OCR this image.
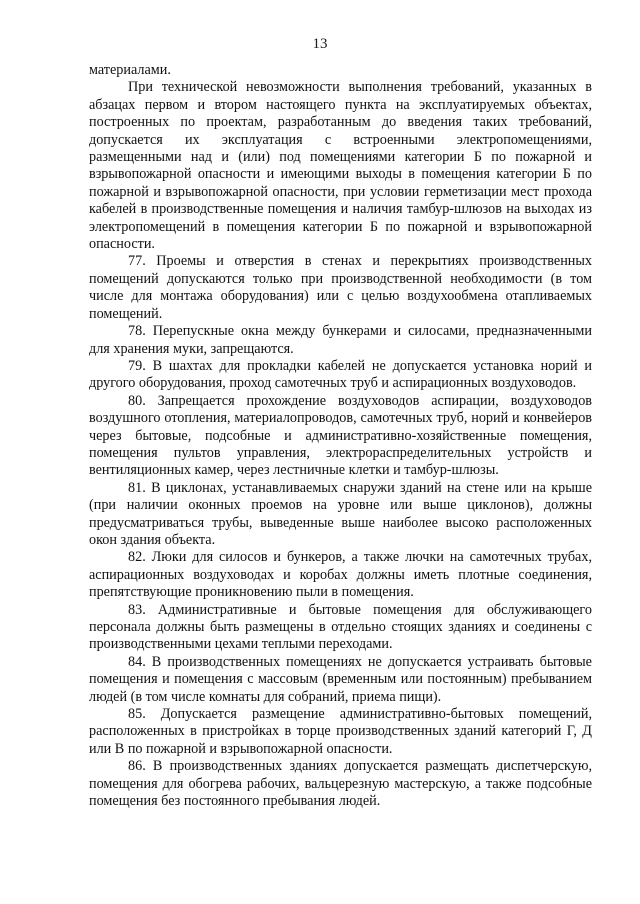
13

материалами.

При технической невозможности выполнения требований, указанных в абзацах первом и втором настоящего пункта на эксплуатируемых объектах, построенных по проектам, разработанным до введения таких требований, допускается их эксплуатация с встроенными электропомещениями, размещенными над и (или) под помещениями категории Б по пожарной и взрывопожарной опасности и имеющими выходы в помещения категории Б по пожарной и взрывопожарной опасности, при условии герметизации мест прохода кабелей в производственные помещения и наличия тамбур-шлюзов на выходах из электропомещений в помещения категории Б по пожарной и взрывопожарной опасности.

77. Проемы и отверстия в стенах и перекрытиях производственных помещений допускаются только при производственной необходимости (в том числе для монтажа оборудования) или с целью воздухообмена отапливаемых помещений.

78. Перепускные окна между бункерами и силосами, предназначенными для хранения муки, запрещаются.

79. В шахтах для прокладки кабелей не допускается установка норий и другого оборудования, проход самотечных труб и аспирационных воздуховодов.

80. Запрещается прохождение воздуховодов аспирации, воздуховодов воздушного отопления, материалопроводов, самотечных труб, норий и конвейеров через бытовые, подсобные и административно-хозяйственные помещения, помещения пультов управления, электрораспределительных устройств и вентиляционных камер, через лестничные клетки и тамбур-шлюзы.

81. В циклонах, устанавливаемых снаружи зданий на стене или на крыше (при наличии оконных проемов на уровне или выше циклонов), должны предусматриваться трубы, выведенные выше наиболее высоко расположенных окон здания объекта.

82. Люки для силосов и бункеров, а также лючки на самотечных трубах, аспирационных воздуховодах и коробах должны иметь плотные соединения, препятствующие проникновению пыли в помещения.

83. Административные и бытовые помещения для обслуживающего персонала должны быть размещены в отдельно стоящих зданиях и соединены с производственными цехами теплыми переходами.

84. В производственных помещениях не допускается устраивать бытовые помещения и помещения с массовым (временным или постоянным) пребыванием людей (в том числе комнаты для собраний, приема пищи).

85. Допускается размещение административно-бытовых помещений, расположенных в пристройках в торце производственных зданий категорий Г, Д или В по пожарной и взрывопожарной опасности.

86. В производственных зданиях допускается размещать диспетчерскую, помещения для обогрева рабочих, вальцерезную мастерскую, а также подсобные помещения без постоянного пребывания людей.
